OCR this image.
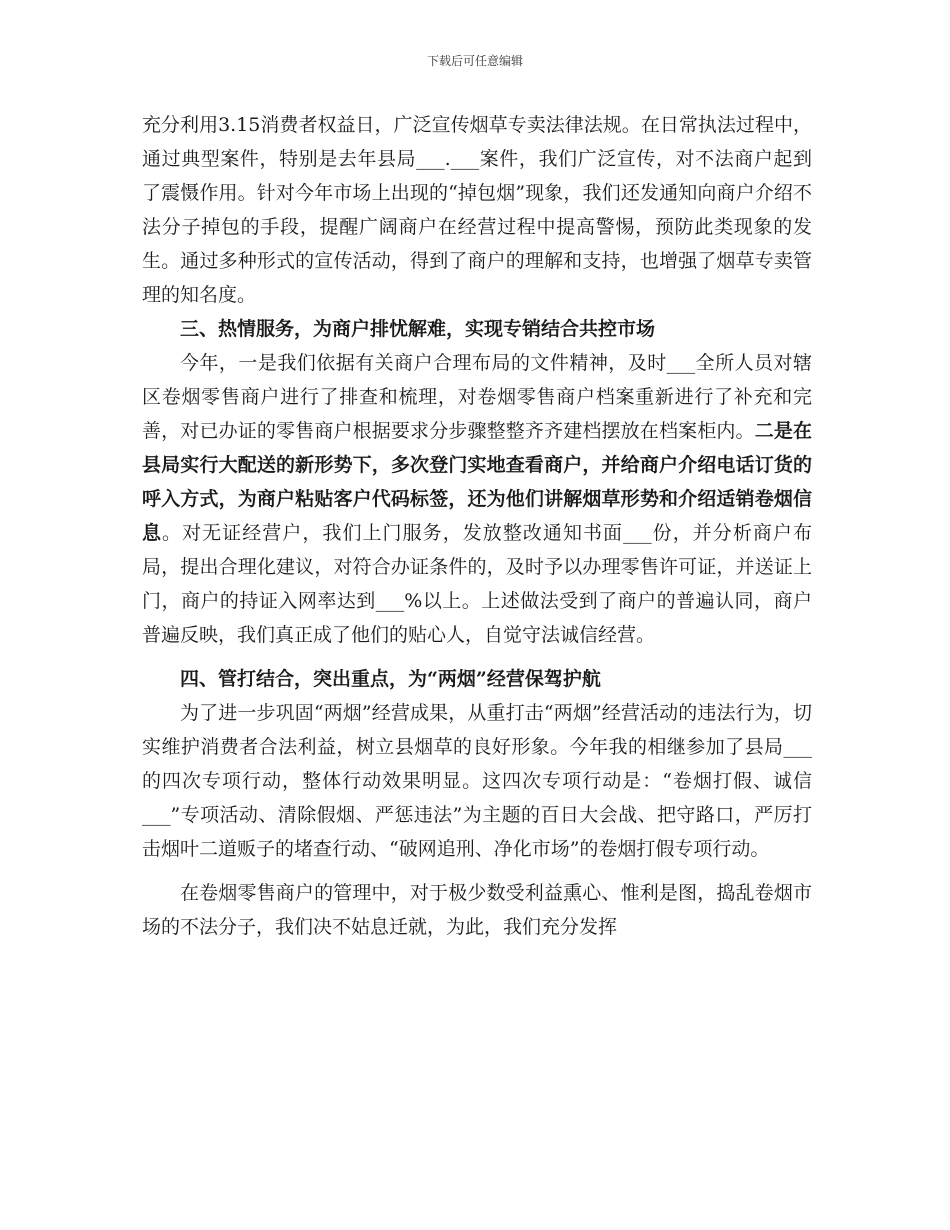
下载后可任意编辑

充分利用3.15消费者权益日，广泛宣传烟草专卖法律法规。在日常执法过程中，通过典型案件，特别是去年县局___.___案件，我们广泛宣传，对不法商户起到了震慑作用。针对今年市场上出现的“掉包烟”现象，我们还发通知向商户介绍不法分子掉包的手段，提醒广阔商户在经营过程中提高警惕，预防此类现象的发生。通过多种形式的宣传活动，得到了商户的理解和支持，也增强了烟草专卖管理的知名度。

三、热情服务，为商户排忧解难，实现专销结合共控市场

今年，一是我们依据有关商户合理布局的文件精神，及时___全所人员对辖区卷烟零售商户进行了排查和梳理，对卷烟零售商户档案重新进行了补充和完善，对已办证的零售商户根据要求分步骤整整齐齐建档摆放在档案柜内。二是在县局实行大配送的新形势下，多次登门实地查看商户，并给商户介绍电话订货的呼入方式，为商户粘贴客户代码标签，还为他们讲解烟草形势和介绍适销卷烟信息。对无证经营户，我们上门服务，发放整改通知书面___份，并分析商户布局，提出合理化建议，对符合办证条件的，及时予以办理零售许可证，并送证上门，商户的持证入网率达到___%以上。上述做法受到了商户的普遍认同，商户普遍反映，我们真正成了他们的贴心人，自觉守法诚信经营。

四、管打结合，突出重点，为“两烟”经营保驾护航

为了进一步巩固“两烟”经营成果，从重打击“两烟”经营活动的违法行为，切实维护消费者合法利益，树立县烟草的良好形象。今年我的相继参加了县局___的四次专项行动，整体行动效果明显。这四次专项行动是：“卷烟打假、诚信___”专项活动、清除假烟、严惩违法”为主题的百日大会战、把守路口，严厉打击烟叶二道贩子的堵查行动、“破网追刑、净化市场”的卷烟打假专项行动。

在卷烟零售商户的管理中，对于极少数受利益熏心、惟利是图，捣乱卷烟市场的不法分子，我们决不姑息迁就，为此，我们充分发挥
